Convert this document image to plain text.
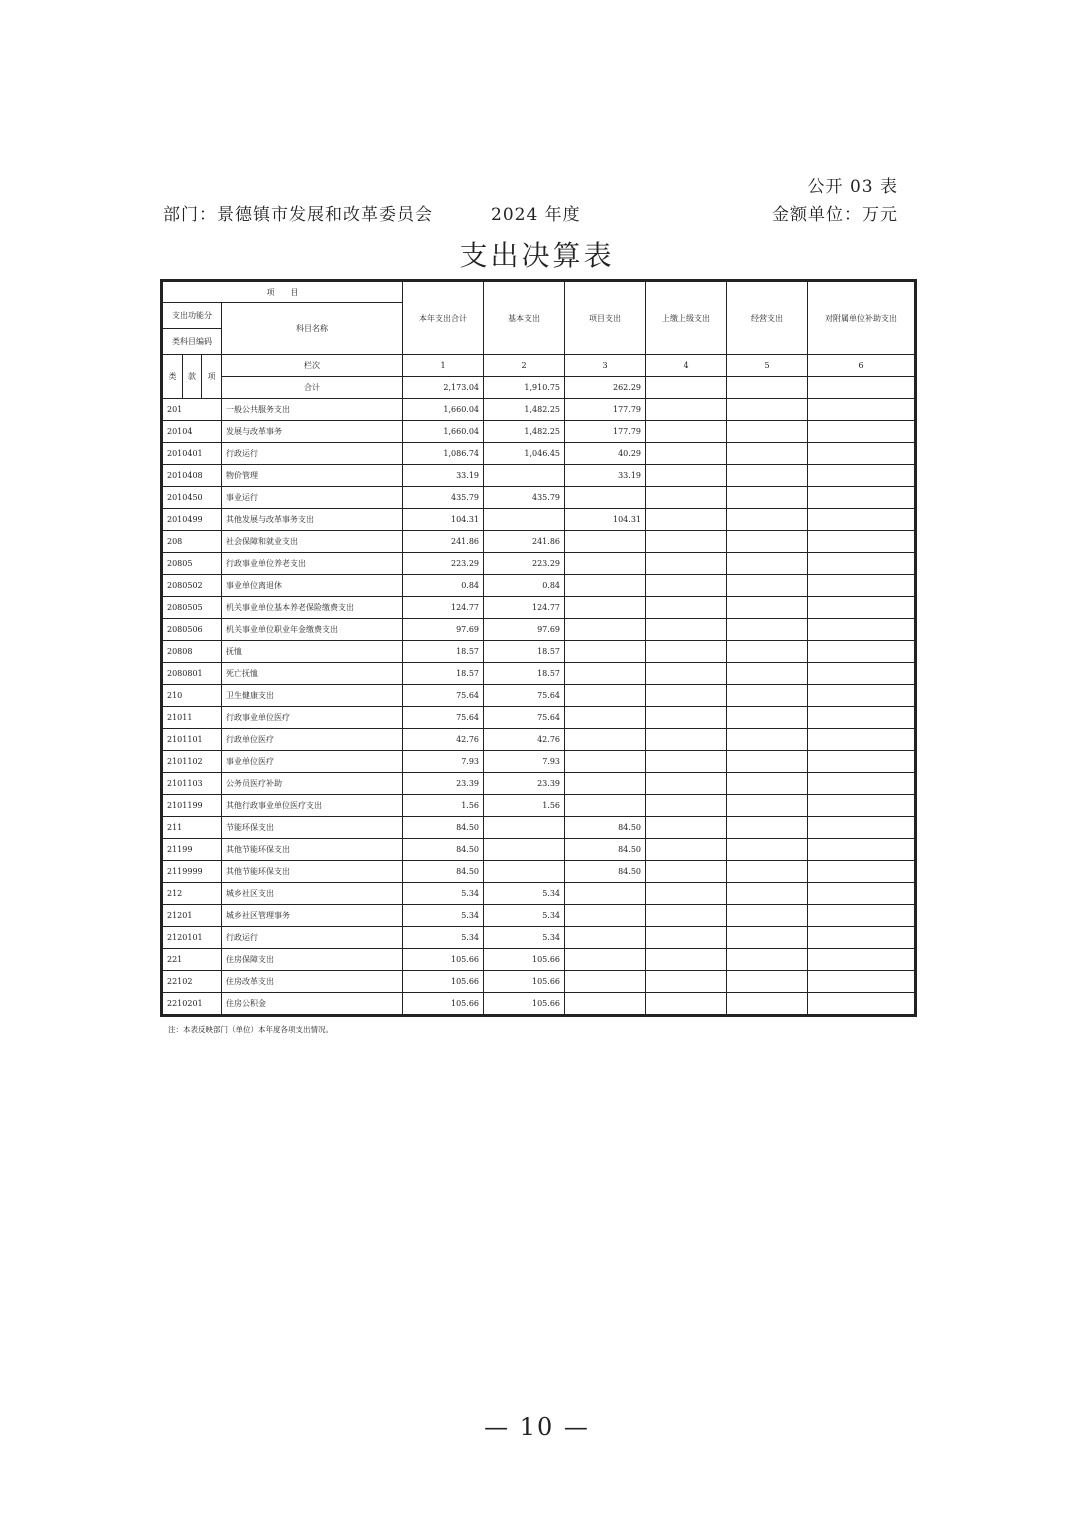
公开 03 表
部门：景德镇市发展和改革委员会	2024 年度	金额单位：万元
支出决算表
项　　目				本年支出合计	基本支出	项目支出	上缴上级支出	经营支出	对附属单位补助支出
支出功能分			科目名称						
类科目编码									
类	款	项	栏次	1	2	3	4	5	6
			合计	2,173.04	1,910.75	262.29			
201			一般公共服务支出	1,660.04	1,482.25	177.79			
20104			发展与改革事务	1,660.04	1,482.25	177.79			
2010401			行政运行	1,086.74	1,046.45	40.29			
2010408			物价管理	33.19		33.19			
2010450			事业运行	435.79	435.79				
2010499			其他发展与改革事务支出	104.31		104.31			
208			社会保障和就业支出	241.86	241.86				
20805			行政事业单位养老支出	223.29	223.29				
2080502			事业单位离退休	0.84	0.84				
2080505			机关事业单位基本养老保险缴费支出	124.77	124.77				
2080506			机关事业单位职业年金缴费支出	97.69	97.69				
20808			抚恤	18.57	18.57				
2080801			死亡抚恤	18.57	18.57				
210			卫生健康支出	75.64	75.64				
21011			行政事业单位医疗	75.64	75.64				
2101101			行政单位医疗	42.76	42.76				
2101102			事业单位医疗	7.93	7.93				
2101103			公务员医疗补助	23.39	23.39				
2101199			其他行政事业单位医疗支出	1.56	1.56				
211			节能环保支出	84.50		84.50			
21199			其他节能环保支出	84.50		84.50			
2119999			其他节能环保支出	84.50		84.50			
212			城乡社区支出	5.34	5.34				
21201			城乡社区管理事务	5.34	5.34				
2120101			行政运行	5.34	5.34				
221			住房保障支出	105.66	105.66				
22102			住房改革支出	105.66	105.66				
2210201			住房公积金	105.66	105.66				
注：本表反映部门（单位）本年度各项支出情况。
— 10 —
